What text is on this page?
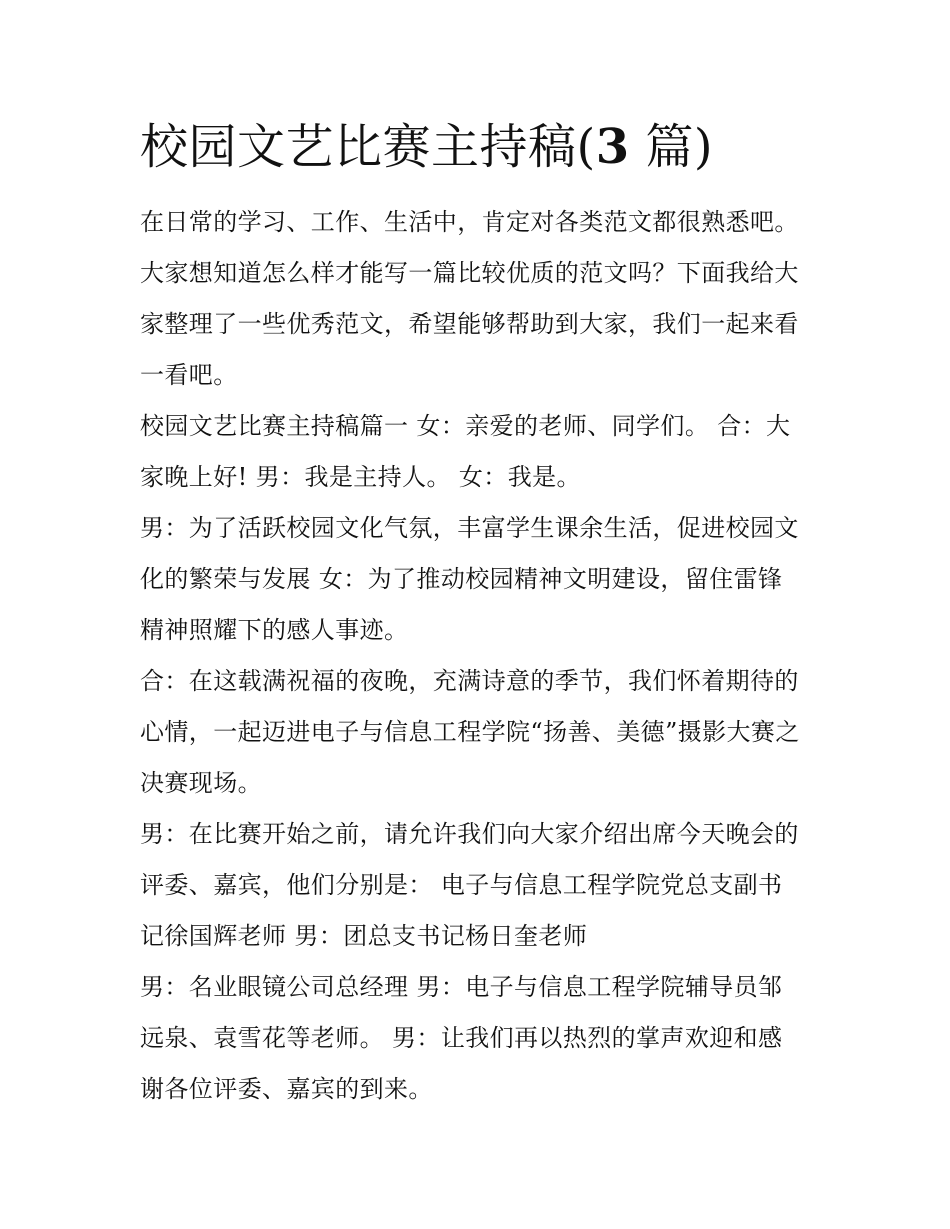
校园文艺比赛主持稿(3 篇)
在日常的学习、工作、生活中，肯定对各类范文都很熟悉吧。
大家想知道怎么样才能写一篇比较优质的范文吗？下面我给大
家整理了一些优秀范文，希望能够帮助到大家，我们一起来看
一看吧。
校园文艺比赛主持稿篇一 女：亲爱的老师、同学们。 合：大
家晚上好! 男：我是主持人。 女：我是。
男：为了活跃校园文化气氛，丰富学生课余生活，促进校园文
化的繁荣与发展 女：为了推动校园精神文明建设，留住雷锋
精神照耀下的感人事迹。
合：在这载满祝福的夜晚，充满诗意的季节，我们怀着期待的
心情，一起迈进电子与信息工程学院“扬善、美德”摄影大赛之
决赛现场。
男：在比赛开始之前，请允许我们向大家介绍出席今天晚会的
评委、嘉宾，他们分别是： 电子与信息工程学院党总支副书
记徐国辉老师 男：团总支书记杨日奎老师
男：名业眼镜公司总经理 男：电子与信息工程学院辅导员邹
远泉、袁雪花等老师。 男：让我们再以热烈的掌声欢迎和感
谢各位评委、嘉宾的到来。
